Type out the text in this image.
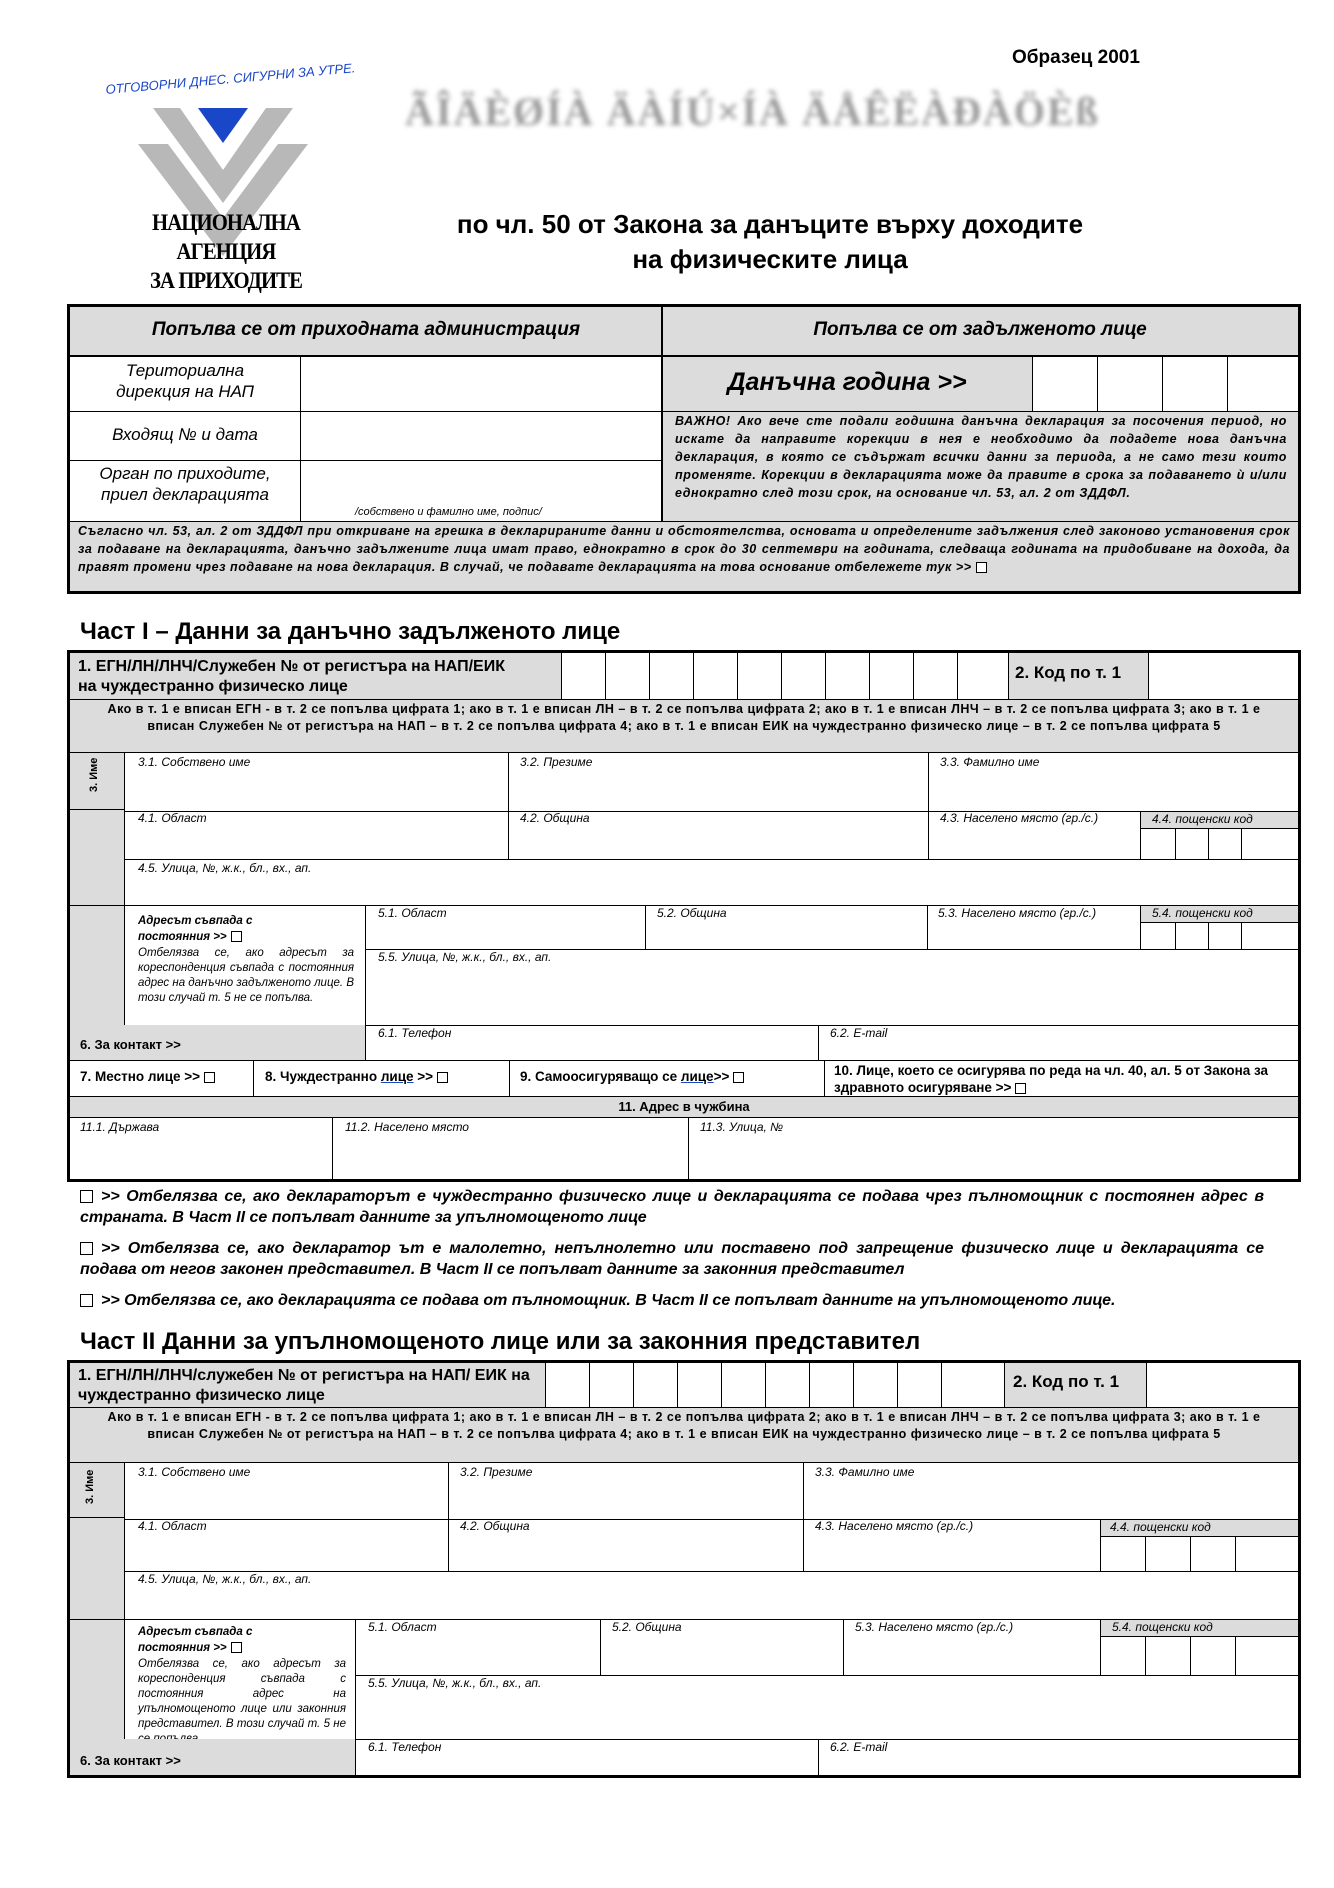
Образец 2001
ОТГОВОРНИ ДНЕС. СИГУРНИ ЗА УТРЕ.
НАЦИОНАЛНА АГЕНЦИЯ
ЗА ПРИХОДИТЕ
ÃÎÄÈØÍÀ ÄÀÍÚ×ÍÀ ÄÅÊËÀÐÀÖÈß
по чл. 50 от Закона за данъците върху доходите
на физическите лица
Попълва се от приходната администрация	Попълва се от задълженото лице
Териториална
дирекция на НАП
Входящ № и дата
Орган по приходите,
приел декларацията
/собствено и фамилно име, подпис/
Данъчна година >>
ВАЖНО! Ако вече сте подали годишна данъчна декларация за посочения период, но искате да направите корекции в нея е необходимо да подадете нова данъчна декларация, в която се съдържат всички данни за периода, а не само тези които променяте. Корекции в декларацията може да правите в срока за подаването ѝ и/или еднократно след този срок, на основание чл. 53, ал. 2 от ЗДДФЛ.
Съгласно чл. 53, ал. 2 от ЗДДФЛ при откриване на грешка в декларираните данни и обстоятелства, основата и определените задължения след законово установения срок за подаване на декларацията, данъчно задължените лица имат право, еднократно в срок до 30 септември на годината, следваща годината на придобиване на дохода, да правят промени чрез подаване на нова декларация. В случай, че подавате декларацията на това основание отбележете тук >>
Част I – Данни за данъчно задълженото лице
1. ЕГН/ЛН/ЛНЧ/Служебен № от регистъра на НАП/ЕИК на чуждестранно физическо лице
2. Код по т. 1
Ако в т. 1 е вписан ЕГН - в т. 2 се попълва цифрата 1; ако в т. 1 е вписан ЛН – в т. 2 се попълва цифрата 2; ако в т. 1 е вписан ЛНЧ – в т. 2 се попълва цифрата 3; ако в т. 1 е вписан Служебен № от регистъра на НАП – в т. 2 се попълва цифрата 4; ако в т. 1 е вписан ЕИК на чуждестранно физическо лице – в т. 2 се попълва цифрата 5
3. Име	3.1. Собствено име	3.2. Презиме	3.3. Фамилно име
4.1. Област	4.2. Община	4.3. Населено място (гр./с.)	4.4. пощенски код
4.5. Улица, №, ж.к., бл., вх., ап.
Адресът съвпада с постоянния >>
Отбелязва се, ако адресът за кореспонденция съвпада с постоянния адрес на данъчно задълженото лице. В този случай т. 5 не се попълва.
5.1. Област	5.2. Община	5.3. Населено място (гр./с.)	5.4. пощенски код
5.5. Улица, №, ж.к., бл., вх., ап.
6. За контакт >>
6.1. Телефон	6.2. E-mail
7. Местно лице >>	8. Чуждестранно лице >>	9. Самоосигуряващо се лице>>	10. Лице, което се осигурява по реда на чл. 40, ал. 5 от Закона за здравното осигуряване >>
11. Адрес в чужбина
11.1. Държава	11.2. Населено място	11.3. Улица, №
>> Отбелязва се, ако деклараторът е чуждестранно физическо лице и декларацията се подава чрез пълномощник с постоянен адрес в страната. В Част II се попълват данните за упълномощеното лице
>> Отбелязва се, ако декларатор ът е малолетно, непълнолетно или поставено под запрещение физическо лице и декларацията се подава от негов законен представител. В Част II се попълват данните за законния представител
>> Отбелязва се, ако декларацията се подава от пълномощник. В Част II се попълват данните на упълномощеното лице.
Част II Данни за упълномощеното лице или за законния представител
1. ЕГН/ЛН/ЛНЧ/служебен № от регистъра на НАП/ ЕИК на чуждестранно физическо лице
2. Код по т. 1
Ако в т. 1 е вписан ЕГН - в т. 2 се попълва цифрата 1; ако в т. 1 е вписан ЛН – в т. 2 се попълва цифрата 2; ако в т. 1 е вписан ЛНЧ – в т. 2 се попълва цифрата 3; ако в т. 1 е вписан Служебен № от регистъра на НАП – в т. 2 се попълва цифрата 4; ако в т. 1 е вписан ЕИК на чуждестранно физическо лице – в т. 2 се попълва цифрата 5
3. Име	3.1. Собствено име	3.2. Презиме	3.3. Фамилно име
4.1. Област	4.2. Община	4.3. Населено място (гр./с.)	4.4. пощенски код
4.5. Улица, №, ж.к., бл., вх., ап.
Адресът съвпада с постоянния >>
Отбелязва се, ако адресът за кореспонденция съвпада с постоянния адрес на упълномощеното лице или законния представител. В този случай т. 5 не
5.1. Област	5.2. Община	5.3. Населено място (гр./с.)	5.4. пощенски код
5.5. Улица, №, ж.к., бл., вх., ап.
6. За контакт >>
6.1. Телефон	6.2. E-mail
